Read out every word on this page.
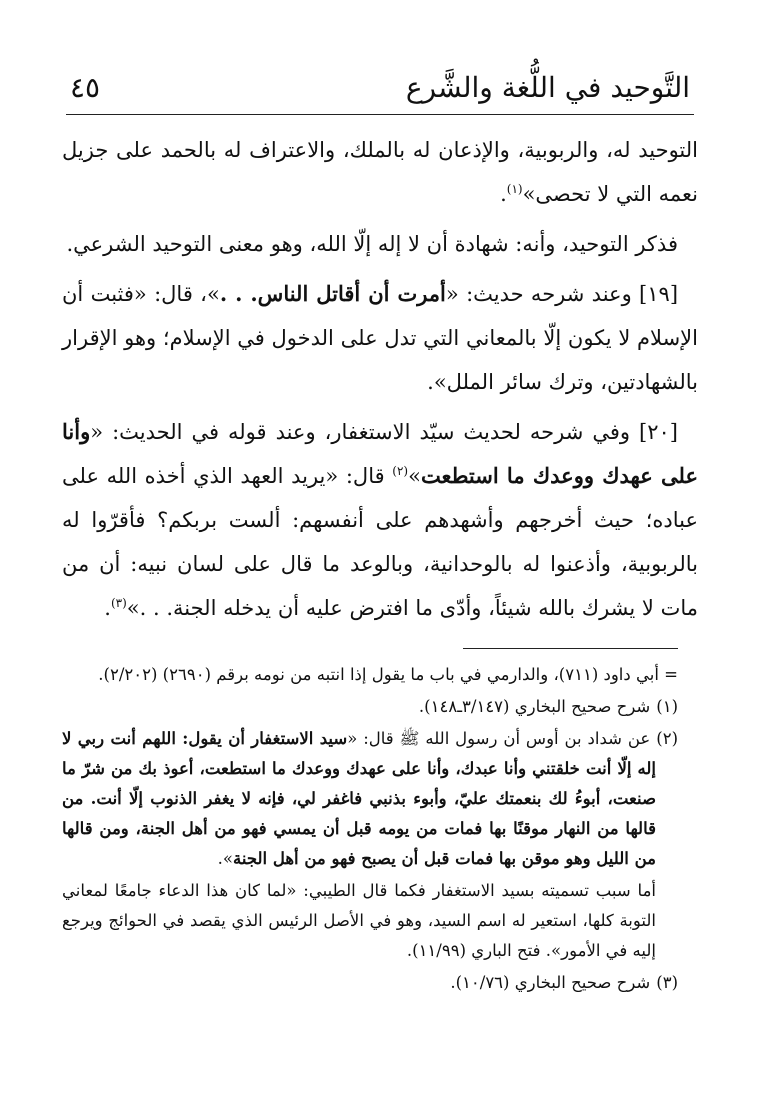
التَّوحيد في اللُّغة والشَّرع
٤٥

التوحيد له، والربوبية، والإذعان له بالملك، والاعتراف له بالحمد على جزيل نعمه التي لا تحصى»$^{(١)}$.

فذكر التوحيد، وأنه: شهادة أن لا إله إلّا الله، وهو معنى التوحيد الشرعي.

[١٩] وعند شرحه حديث: «أمرت أن أقاتل الناس. . .»، قال: «فثبت أن الإسلام لا يكون إلّا بالمعاني التي تدل على الدخول في الإسلام؛ وهو الإقرار بالشهادتين، وترك سائر الملل».

[٢٠] وفي شرحه لحديث سيّد الاستغفار، وعند قوله في الحديث: «وأنا على عهدك ووعدك ما استطعت»$^{(٢)}$ قال: «يريد العهد الذي أخذه الله على عباده؛ حيث أخرجهم وأشهدهم على أنفسهم: ألست بربكم؟ فأقرّوا له بالربوبية، وأذعنوا له بالوحدانية، وبالوعد ما قال على لسان نبيه: أن من مات لا يشرك بالله شيئاً، وأدّى ما افترض عليه أن يدخله الجنة. . .»$^{(٣)}$.

= أبي داود (٧١١)، والدارمي في باب ما يقول إذا انتبه من نومه برقم (٢٦٩٠) (٢/٢٠٢).
(١)شرح صحيح البخاري (٣/١٤٧ـ١٤٨).
(٢)عن شداد بن أوس أن رسول الله ﷺ قال: «سيد الاستغفار أن يقول: اللهم أنت ربي لا إله إلّا أنت خلقتني وأنا عبدك، وأنا على عهدك ووعدك ما استطعت، أعوذ بك من شرّ ما صنعت، أبوءُ لك بنعمتك عليّ، وأبوء بذنبي فاغفر لي، فإنه لا يغفر الذنوب إلّا أنت. من قالها من النهار موقنًا بها فمات من يومه قبل أن يمسي فهو من أهل الجنة، ومن قالها من الليل وهو موقن بها فمات قبل أن يصبح فهو من أهل الجنة».
أما سبب تسميته بسيد الاستغفار فكما قال الطيبي: «لما كان هذا الدعاء جامعًا لمعاني التوبة كلها، استعير له اسم السيد، وهو في الأصل الرئيس الذي يقصد في الحوائج ويرجع إليه في الأمور». فتح الباري (١١/٩٩).
(٣)شرح صحيح البخاري (١٠/٧٦).
